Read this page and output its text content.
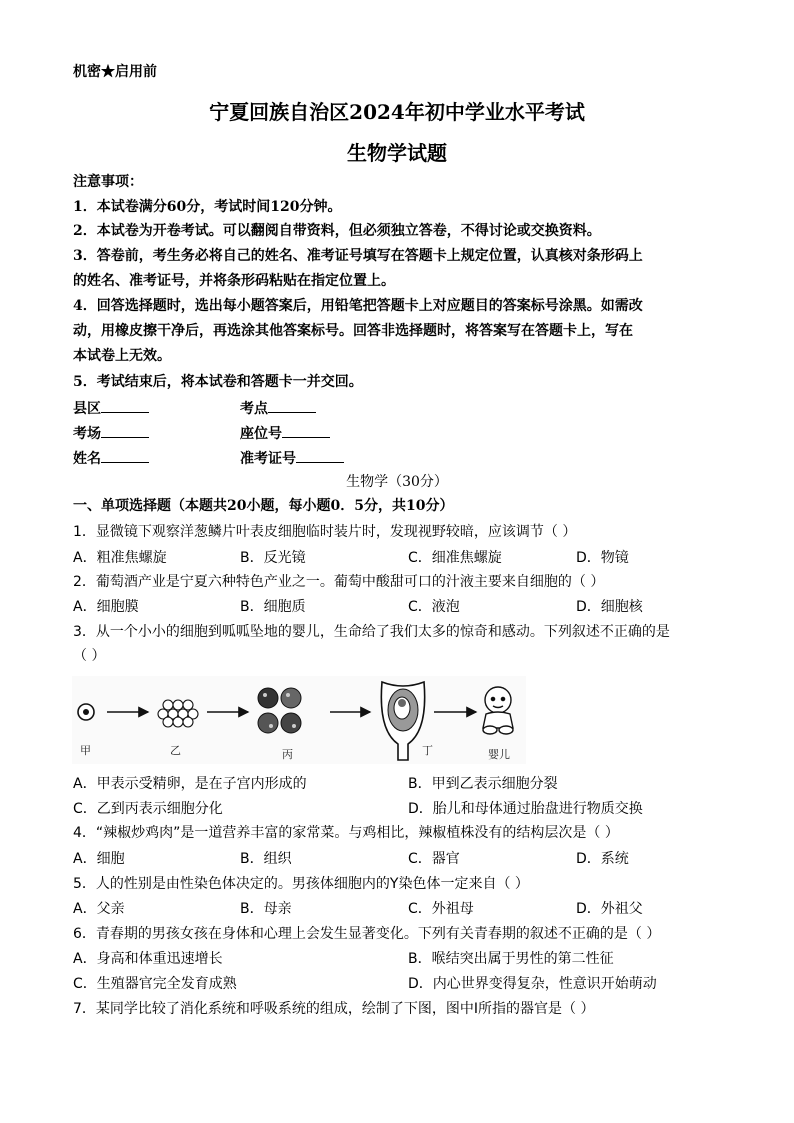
机密★启用前
宁夏回族自治区2024年初中学业水平考试
生物学试题
注意事项：
1．本试卷满分60分，考试时间120分钟。
2．本试卷为开卷考试。可以翻阅自带资料，但必须独立答卷，不得讨论或交换资料。
3．答卷前，考生务必将自己的姓名、准考证号填写在答题卡上规定位置，认真核对条形码上
的姓名、准考证号，并将条形码粘贴在指定位置上。
4．回答选择题时，选出每小题答案后，用铅笔把答题卡上对应题目的答案标号涂黑。如需改
动，用橡皮擦干净后，再选涂其他答案标号。回答非选择题时，将答案写在答题卡上，写在
本试卷上无效。
5．考试结束后，将本试卷和答题卡一并交回。
县区	考点
考场	座位号
姓名	准考证号
生物学（30分）
一、单项选择题（本题共20小题，每小题0．5分，共10分）
1．显微镜下观察洋葱鳞片叶表皮细胞临时装片时，发现视野较暗，应该调节（ ）
A．粗准焦螺旋	B．反光镜	C．细准焦螺旋	D．物镜
2．葡萄酒产业是宁夏六种特色产业之一。葡萄中酸甜可口的汁液主要来自细胞的（ ）
A．细胞膜	B．细胞质	C．液泡	D．细胞核
3．从一个小小的细胞到呱呱坠地的婴儿，生命给了我们太多的惊奇和感动。下列叙述不正确的是
（ ）
甲	乙	丙	丁	婴儿
A．甲表示受精卵，是在子宫内形成的	B．甲到乙表示细胞分裂
C．乙到丙表示细胞分化	D．胎儿和母体通过胎盘进行物质交换
4．“辣椒炒鸡肉”是一道营养丰富的家常菜。与鸡相比，辣椒植株没有的结构层次是（ ）
A．细胞	B．组织	C．器官	D．系统
5．人的性别是由性染色体决定的。男孩体细胞内的Y染色体一定来自（ ）
A．父亲	B．母亲	C．外祖母	D．外祖父
6．青春期的男孩女孩在身体和心理上会发生显著变化。下列有关青春期的叙述不正确的是（ ）
A．身高和体重迅速增长	B．喉结突出属于男性的第二性征
C．生殖器官完全发育成熟	D．内心世界变得复杂，性意识开始萌动
7．某同学比较了消化系统和呼吸系统的组成，绘制了下图，图中Ⅰ所指的器官是（ ）
